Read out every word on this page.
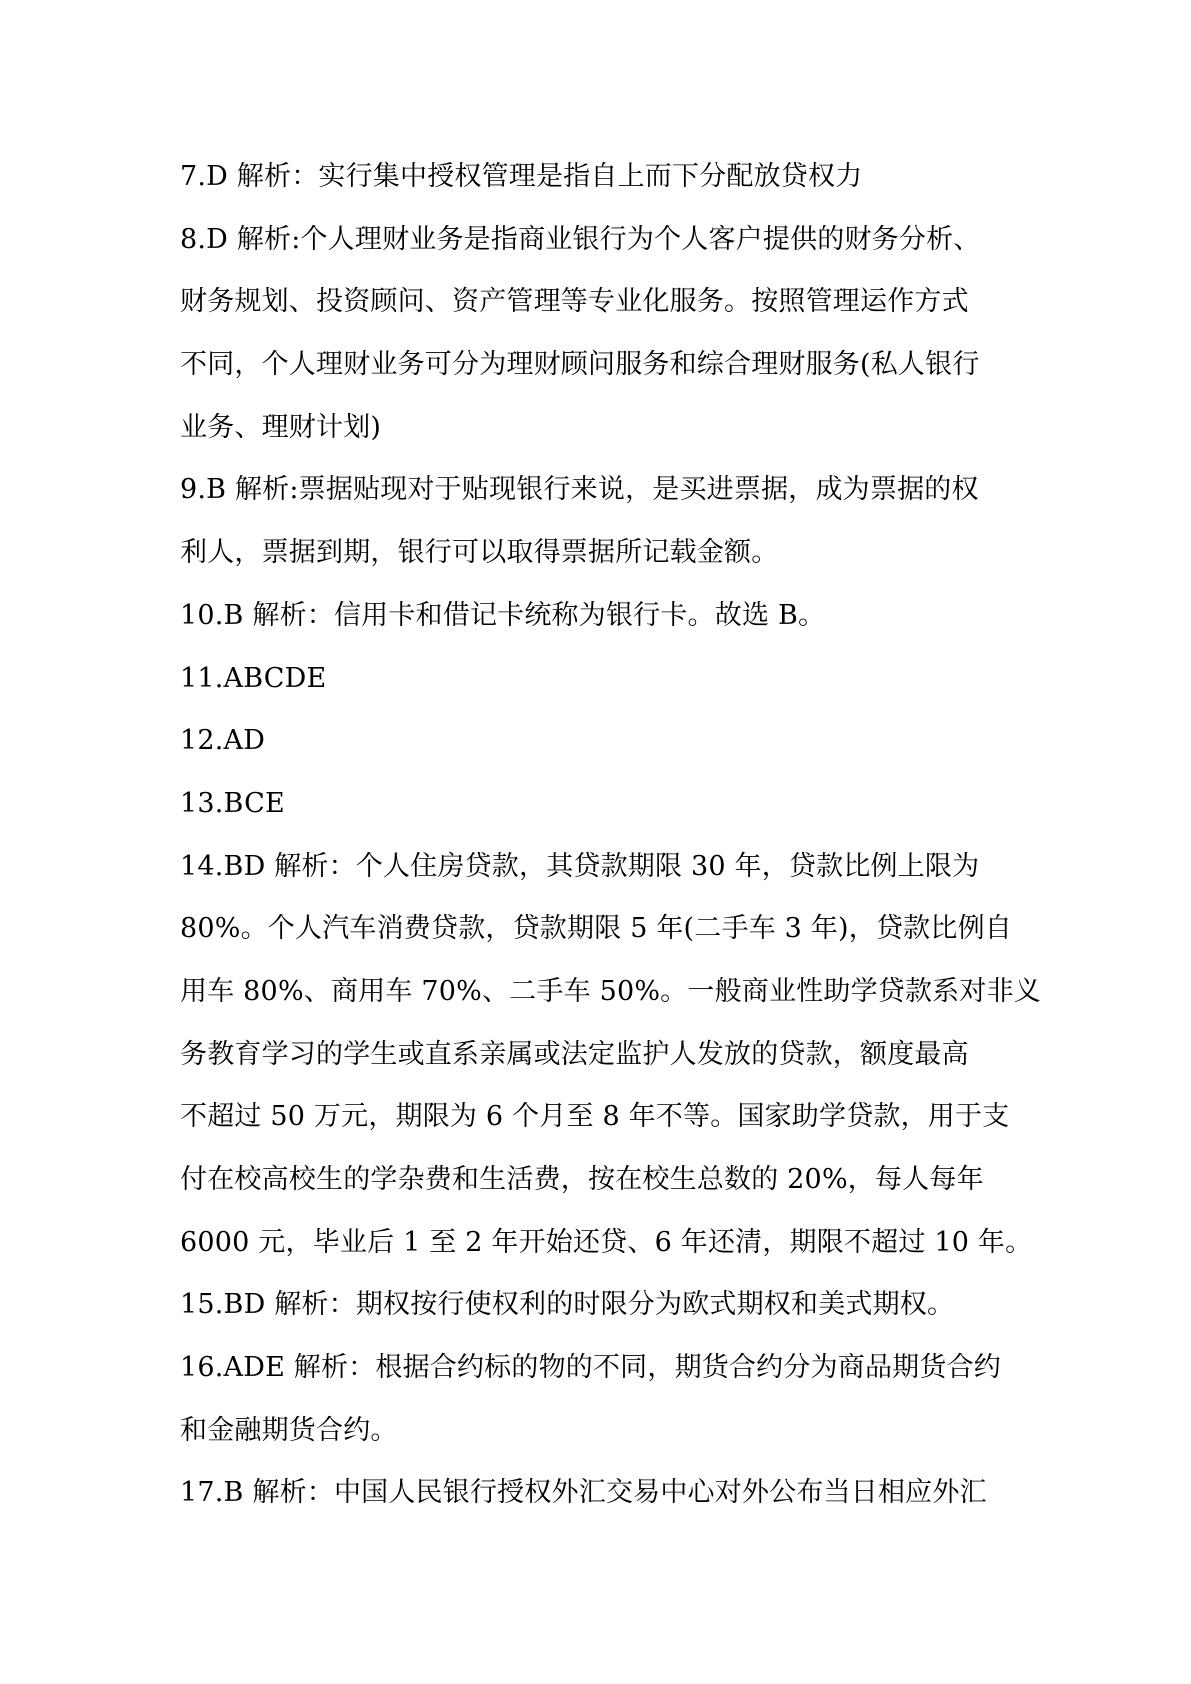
7.D 解析：实行集中授权管理是指自上而下分配放贷权力
8.D 解析:个人理财业务是指商业银行为个人客户提供的财务分析、
财务规划、投资顾问、资产管理等专业化服务。按照管理运作方式
不同，个人理财业务可分为理财顾问服务和综合理财服务(私人银行
业务、理财计划)
9.B 解析:票据贴现对于贴现银行来说，是买进票据，成为票据的权
利人，票据到期，银行可以取得票据所记载金额。
10.B 解析：信用卡和借记卡统称为银行卡。故选 B。
11.ABCDE
12.AD
13.BCE
14.BD 解析：个人住房贷款，其贷款期限 30 年，贷款比例上限为
80%。个人汽车消费贷款，贷款期限 5 年(二手车 3 年)，贷款比例自
用车 80%、商用车 70%、二手车 50%。一般商业性助学贷款系对非义
务教育学习的学生或直系亲属或法定监护人发放的贷款，额度最高
不超过 50 万元，期限为 6 个月至 8 年不等。国家助学贷款，用于支
付在校高校生的学杂费和生活费，按在校生总数的 20%，每人每年
6000 元，毕业后 1 至 2 年开始还贷、6 年还清，期限不超过 10 年。
15.BD 解析：期权按行使权利的时限分为欧式期权和美式期权。
16.ADE 解析：根据合约标的物的不同，期货合约分为商品期货合约
和金融期货合约。
17.B 解析：中国人民银行授权外汇交易中心对外公布当日相应外汇
